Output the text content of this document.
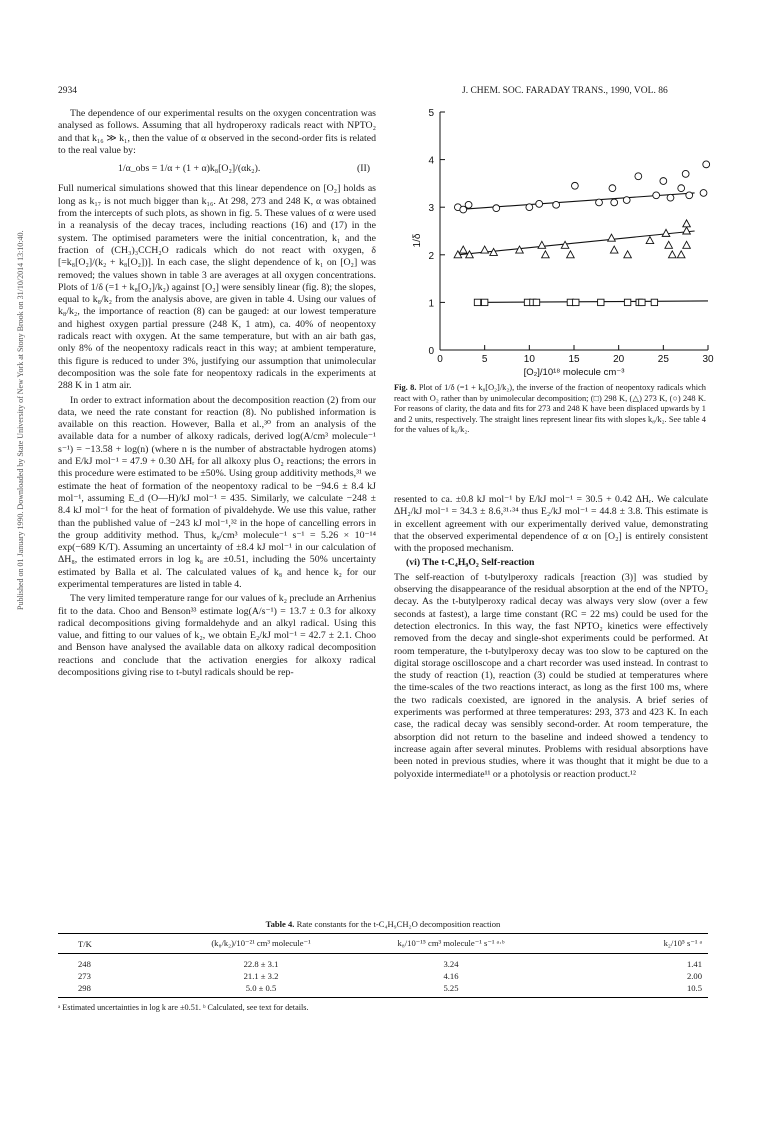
2934	J. CHEM. SOC. FARADAY TRANS., 1990, VOL. 86
Published on 01 January 1990. Downloaded by State University of New York at Stony Brook on 31/10/2014 13:10:40.

The dependence of our experimental results on the oxygen concentration was analysed as follows. Assuming that all hydroperoxy radicals react with NPTO₂ and that k₁₆ ≫ k₁, then the value of α observed in the second-order fits is related to the real value by:

1/α_obs = 1/α + (1 + α)k₈[O₂]/(αk₂).	(II)

Full numerical simulations showed that this linear dependence on [O₂] holds as long as k₁₇ is not much bigger than k₁₆. At 298, 273 and 248 K, α was obtained from the intercepts of such plots, as shown in fig. 5. These values of α were used in a reanalysis of the decay traces, including reactions (16) and (17) in the system. The optimised parameters were the initial concentration, k₁ and the fraction of (CH₃)₃CCH₂O radicals which do not react with oxygen, δ [=k₈[O₂]/(k₂ + k₈[O₂])]. In each case, the slight dependence of k₁ on [O₂] was removed; the values shown in table 3 are averages at all oxygen concentrations. Plots of 1/δ (=1 + k₈[O₂]/k₂) against [O₂] were sensibly linear (fig. 8); the slopes, equal to k₈/k₂ from the analysis above, are given in table 4. Using our values of k₈/k₂, the importance of reaction (8) can be gauged: at our lowest temperature and highest oxygen partial pressure (248 K, 1 atm), ca. 40% of neopentoxy radicals react with oxygen. At the same temperature, but with an air bath gas, only 8% of the neopentoxy radicals react in this way; at ambient temperature, this figure is reduced to under 3%, justifying our assumption that unimolecular decomposition was the sole fate for neopentoxy radicals in the experiments at 288 K in 1 atm air.

In order to extract information about the decomposition reaction (2) from our data, we need the rate constant for reaction (8). No published information is available on this reaction. However, Balla et al.,³⁰ from an analysis of the available data for a number of alkoxy radicals, derived log(A/cm³ molecule⁻¹ s⁻¹) = −13.58 + log(n) (where n is the number of abstractable hydrogen atoms) and E/kJ mol⁻¹ = 47.9 + 0.30 ΔHᵣ for all alkoxy plus O₂ reactions; the errors in this procedure were estimated to be ±50%. Using group additivity methods,³¹ we estimate the heat of formation of the neopentoxy radical to be −94.6 ± 8.4 kJ mol⁻¹, assuming E_d (O—H)/kJ mol⁻¹ = 435. Similarly, we calculate −248 ± 8.4 kJ mol⁻¹ for the heat of formation of pivaldehyde. We use this value, rather than the published value of −243 kJ mol⁻¹,³² in the hope of cancelling errors in the group additivity method. Thus, k₈/cm³ molecule⁻¹ s⁻¹ = 5.26 × 10⁻¹⁴ exp(−689 K/T). Assuming an uncertainty of ±8.4 kJ mol⁻¹ in our calculation of ΔH₈, the estimated errors in log k₈ are ±0.51, including the 50% uncertainty estimated by Balla et al. The calculated values of k₈ and hence k₂ for our experimental temperatures are listed in table 4.

The very limited temperature range for our values of k₂ preclude an Arrhenius fit to the data. Choo and Benson³³ estimate log(A/s⁻¹) = 13.7 ± 0.3 for alkoxy radical decompositions giving formaldehyde and an alkyl radical. Using this value, and fitting to our values of k₂, we obtain E₂/kJ mol⁻¹ = 42.7 ± 2.1. Choo and Benson have analysed the available data on alkoxy radical decomposition reactions and conclude that the activation energies for alkoxy radical decompositions giving rise to t-butyl radicals should be rep-

0
1
2
3
4
5
0	5	10	15	20	25	30
[O₂]/10¹⁸ molecule cm⁻³
1/δ
Fig. 8. Plot of 1/δ (=1 + k₈[O₂]/k₂), the inverse of the fraction of neopentoxy radicals which react with O₂ rather than by unimolecular decomposition; (□) 298 K, (△) 273 K, (○) 248 K. For reasons of clarity, the data and fits for 273 and 248 K have been displaced upwards by 1 and 2 units, respectively. The straight lines represent linear fits with slopes k₈/k₂. See table 4 for the values of k₈/k₂.

resented to ca. ±0.8 kJ mol⁻¹ by E/kJ mol⁻¹ = 30.5 + 0.42 ΔHᵣ. We calculate ΔH₂/kJ mol⁻¹ = 34.3 ± 8.6,³¹·³⁴ thus E₂/kJ mol⁻¹ = 44.8 ± 3.8. This estimate is in excellent agreement with our experimentally derived value, demonstrating that the observed experimental dependence of α on [O₂] is entirely consistent with the proposed mechanism.

(vi) The t-C₄H₉O₂ Self-reaction

The self-reaction of t-butylperoxy radicals [reaction (3)] was studied by observing the disappearance of the residual absorption at the end of the NPTO₂ decay. As the t-butylperoxy radical decay was always very slow (over a few seconds at fastest), a large time constant (RC = 22 ms) could be used for the detection electronics. In this way, the fast NPTO₂ kinetics were effectively removed from the decay and single-shot experiments could be performed. At room temperature, the t-butylperoxy decay was too slow to be captured on the digital storage oscilloscope and a chart recorder was used instead. In contrast to the study of reaction (1), reaction (3) could be studied at temperatures where the time-scales of the two reactions interact, as long as the first 100 ms, where the two radicals coexisted, are ignored in the analysis. A brief series of experiments was performed at three temperatures: 293, 373 and 423 K. In each case, the radical decay was sensibly second-order. At room temperature, the absorption did not return to the baseline and indeed showed a tendency to increase again after several minutes. Problems with residual absorptions have been noted in previous studies, where it was thought that it might be due to a polyoxide intermediate¹¹ or a photolysis or reaction product.¹²

Table 4. Rate constants for the t-C₄H₉CH₂O decomposition reaction
T/K	(k₈/k₂)/10⁻²¹ cm³ molecule⁻¹	k₈/10⁻¹⁵ cm³ molecule⁻¹ s⁻¹ ᵃ·ᵇ	k₂/10⁵ s⁻¹ ᵃ
248	22.8 ± 3.1	3.24	1.41
273	21.1 ± 3.2	4.16	2.00
298	5.0 ± 0.5	5.25	10.5
ᵃ Estimated uncertainties in log k are ±0.51. ᵇ Calculated, see text for details.
